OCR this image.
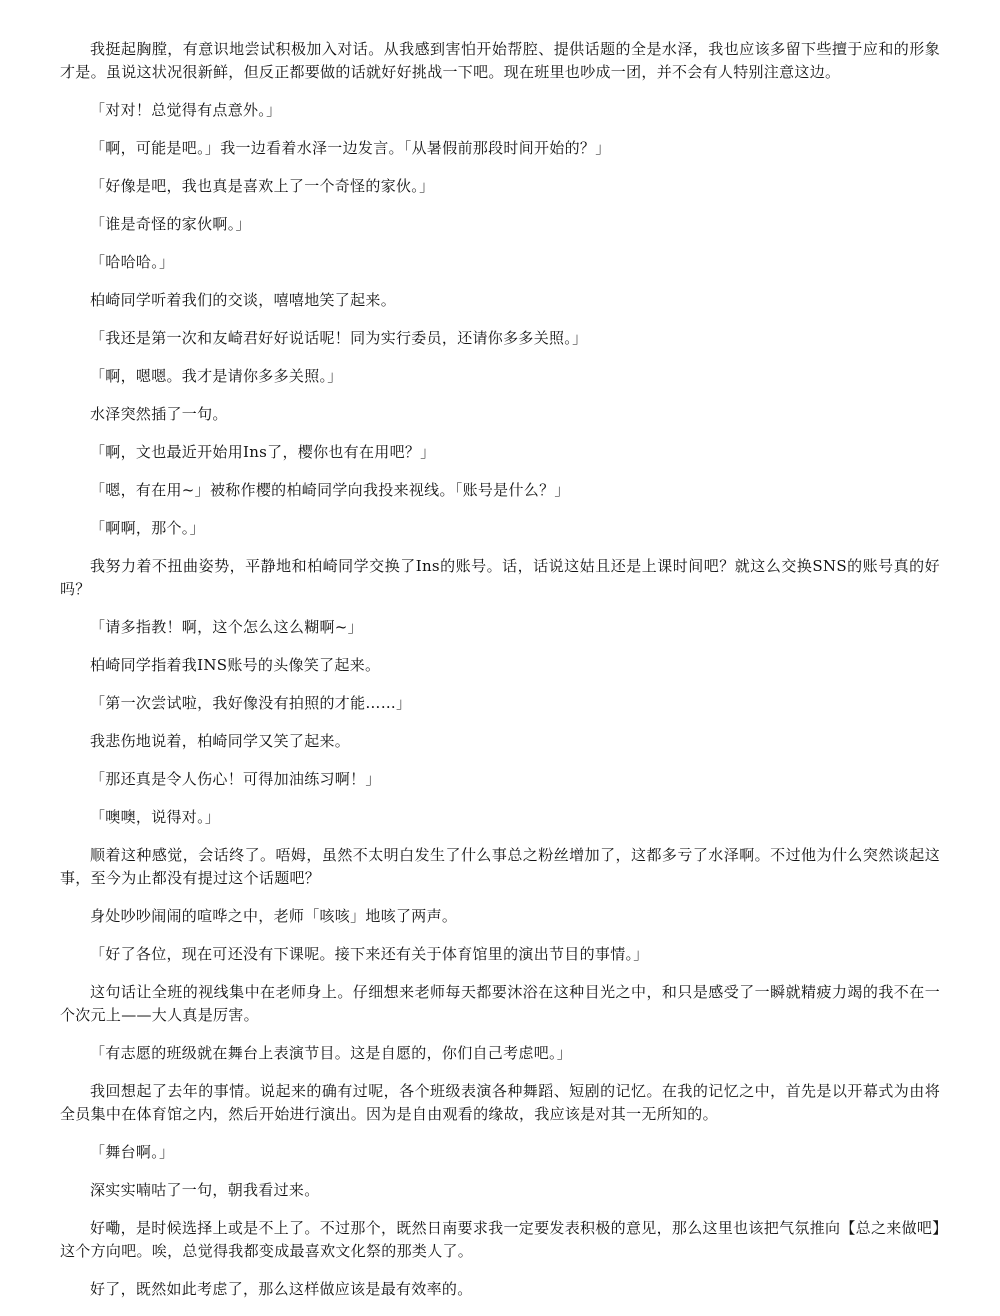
我挺起胸膛，有意识地尝试积极加入对话。从我感到害怕开始帮腔、提供话题的全是水泽，我也应该多留下些擅于应和的形象才是。虽说这状况很新鲜，但反正都要做的话就好好挑战一下吧。现在班里也吵成一团，并不会有人特别注意这边。

「对对！总觉得有点意外。」

「啊，可能是吧。」我一边看着水泽一边发言。「从暑假前那段时间开始的？」

「好像是吧，我也真是喜欢上了一个奇怪的家伙。」

「谁是奇怪的家伙啊。」

「哈哈哈。」

柏崎同学听着我们的交谈，嘻嘻地笑了起来。

「我还是第一次和友崎君好好说话呢！同为实行委员，还请你多多关照。」

「啊，嗯嗯。我才是请你多多关照。」

水泽突然插了一句。

「啊，文也最近开始用Ins了，樱你也有在用吧？」

「嗯，有在用~」被称作樱的柏崎同学向我投来视线。「账号是什么？」

「啊啊，那个。」

我努力着不扭曲姿势，平静地和柏崎同学交换了Ins的账号。话，话说这姑且还是上课时间吧？就这么交换SNS的账号真的好吗？

「请多指教！啊，这个怎么这么糊啊~」

柏崎同学指着我INS账号的头像笑了起来。

「第一次尝试啦，我好像没有拍照的才能……」

我悲伤地说着，柏崎同学又笑了起来。

「那还真是令人伤心！可得加油练习啊！」

「噢噢，说得对。」

顺着这种感觉，会话终了。唔姆，虽然不太明白发生了什么事总之粉丝增加了，这都多亏了水泽啊。不过他为什么突然谈起这事，至今为止都没有提过这个话题吧？

身处吵吵闹闹的喧哗之中，老师「咳咳」地咳了两声。

「好了各位，现在可还没有下课呢。接下来还有关于体育馆里的演出节目的事情。」

这句话让全班的视线集中在老师身上。仔细想来老师每天都要沐浴在这种目光之中，和只是感受了一瞬就精疲力竭的我不在一个次元上——大人真是厉害。

「有志愿的班级就在舞台上表演节目。这是自愿的，你们自己考虑吧。」

我回想起了去年的事情。说起来的确有过呢，各个班级表演各种舞蹈、短剧的记忆。在我的记忆之中，首先是以开幕式为由将全员集中在体育馆之内，然后开始进行演出。因为是自由观看的缘故，我应该是对其一无所知的。

「舞台啊。」

深实实喃咕了一句，朝我看过来。

好嘞，是时候选择上或是不上了。不过那个，既然日南要求我一定要发表积极的意见，那么这里也该把气氛推向【总之来做吧】这个方向吧。唉，总觉得我都变成最喜欢文化祭的那类人了。

好了，既然如此考虑了，那么这样做应该是最有效率的。
